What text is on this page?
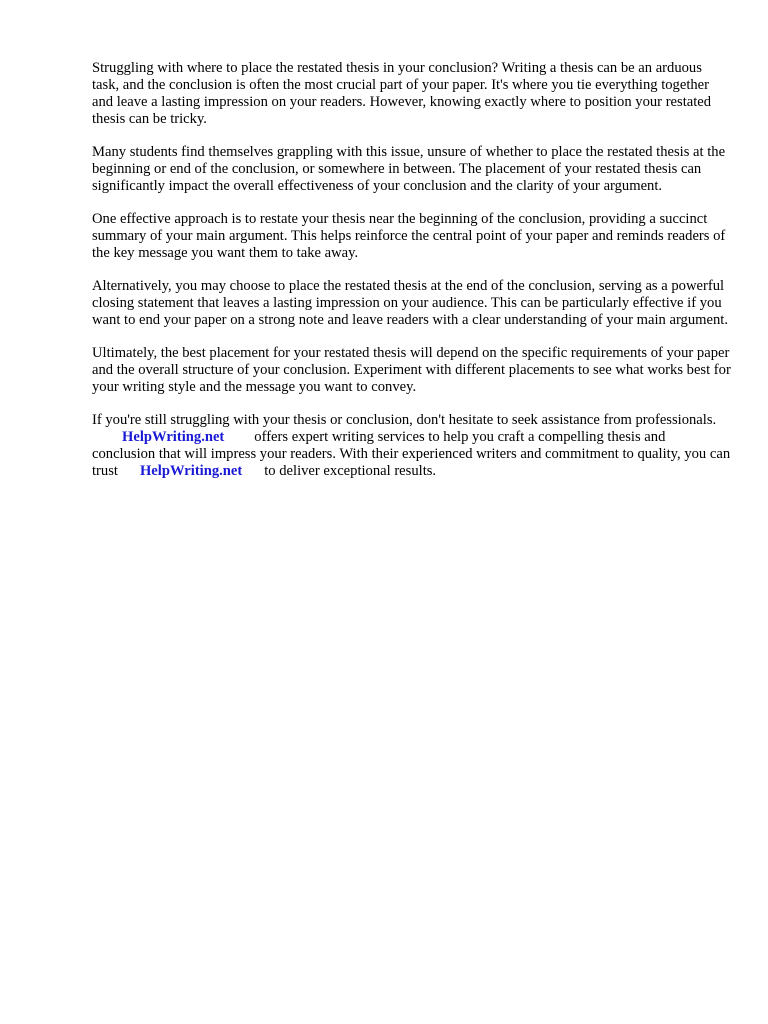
Struggling with where to place the restated thesis in your conclusion? Writing a thesis can be an arduous task, and the conclusion is often the most crucial part of your paper. It's where you tie everything together and leave a lasting impression on your readers. However, knowing exactly where to position your restated thesis can be tricky.

Many students find themselves grappling with this issue, unsure of whether to place the restated thesis at the beginning or end of the conclusion, or somewhere in between. The placement of your restated thesis can significantly impact the overall effectiveness of your conclusion and the clarity of your argument.

One effective approach is to restate your thesis near the beginning of the conclusion, providing a succinct summary of your main argument. This helps reinforce the central point of your paper and reminds readers of the key message you want them to take away.

Alternatively, you may choose to place the restated thesis at the end of the conclusion, serving as a powerful closing statement that leaves a lasting impression on your audience. This can be particularly effective if you want to end your paper on a strong note and leave readers with a clear understanding of your main argument.

Ultimately, the best placement for your restated thesis will depend on the specific requirements of your paper and the overall structure of your conclusion. Experiment with different placements to see what works best for your writing style and the message you want to convey.

If you're still struggling with your thesis or conclusion, don't hesitate to seek assistance from professionals.HelpWriting.net offers expert writing services to help you craft a compelling thesis and conclusion that will impress your readers. With their experienced writers and commitment to quality, you can trust HelpWriting.net to deliver exceptional results.
